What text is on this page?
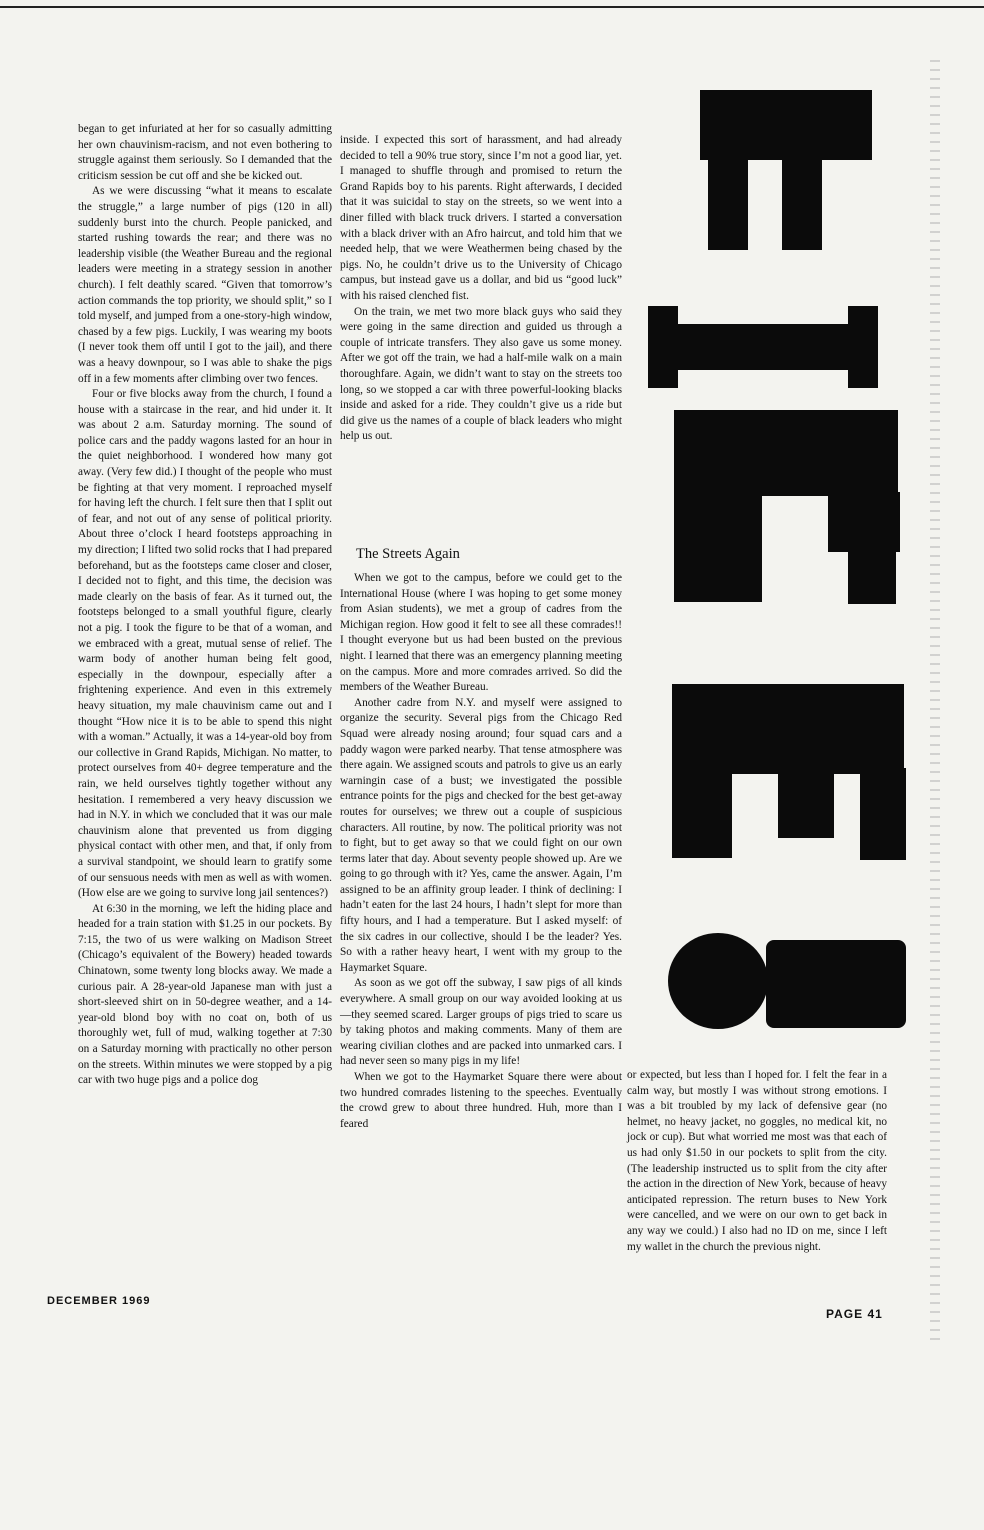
began to get infuriated at her for so casually admitting her own chauvinism-racism, and not even bothering to struggle against them seriously. So I demanded that the criticism session be cut off and she be kicked out.

As we were discussing “what it means to escalate the struggle,” a large number of pigs (120 in all) suddenly burst into the church. People panicked, and started rushing towards the rear; and there was no leadership visible (the Weather Bureau and the regional leaders were meeting in a strategy session in another church). I felt deathly scared. “Given that tomorrow’s action commands the top priority, we should split,” so I told myself, and jumped from a one-story-high window, chased by a few pigs. Luckily, I was wearing my boots (I never took them off until I got to the jail), and there was a heavy downpour, so I was able to shake the pigs off in a few moments after climbing over two fences.

Four or five blocks away from the church, I found a house with a staircase in the rear, and hid under it. It was about 2 a.m. Saturday morning. The sound of police cars and the paddy wagons lasted for an hour in the quiet neighborhood. I wondered how many got away. (Very few did.) I thought of the people who must be fighting at that very moment. I reproached myself for having left the church. I felt sure then that I split out of fear, and not out of any sense of political priority. About three o’clock I heard footsteps approaching in my direction; I lifted two solid rocks that I had prepared beforehand, but as the footsteps came closer and closer, I decided not to fight, and this time, the decision was made clearly on the basis of fear. As it turned out, the footsteps belonged to a small youthful figure, clearly not a pig. I took the figure to be that of a woman, and we embraced with a great, mutual sense of relief. The warm body of another human being felt good, especially in the downpour, especially after a frightening experience. And even in this extremely heavy situation, my male chauvinism came out and I thought “How nice it is to be able to spend this night with a woman.” Actually, it was a 14-year-old boy from our collective in Grand Rapids, Michigan. No matter, to protect ourselves from 40+ degree temperature and the rain, we held ourselves tightly together without any hesitation. I remembered a very heavy discussion we had in N.Y. in which we concluded that it was our male chauvinism alone that prevented us from digging physical contact with other men, and that, if only from a survival standpoint, we should learn to gratify some of our sensuous needs with men as well as with women. (How else are we going to survive long jail sentences?)

At 6:30 in the morning, we left the hiding place and headed for a train station with $1.25 in our pockets. By 7:15, the two of us were walking on Madison Street (Chicago’s equivalent of the Bowery) headed towards Chinatown, some twenty long blocks away. We made a curious pair. A 28-year-old Japanese man with just a short-sleeved shirt on in 50-degree weather, and a 14-year-old blond boy with no coat on, both of us thoroughly wet, full of mud, walking together at 7:30 on a Saturday morning with practically no other person on the streets. Within minutes we were stopped by a pig car with two huge pigs and a police dog

inside. I expected this sort of harassment, and had already decided to tell a 90% true story, since I’m not a good liar, yet. I managed to shuffle through and promised to return the Grand Rapids boy to his parents. Right afterwards, I decided that it was suicidal to stay on the streets, so we went into a diner filled with black truck drivers. I started a conversation with a black driver with an Afro haircut, and told him that we needed help, that we were Weathermen being chased by the pigs. No, he couldn’t drive us to the University of Chicago campus, but instead gave us a dollar, and bid us “good luck” with his raised clenched fist.

On the train, we met two more black guys who said they were going in the same direction and guided us through a couple of intricate transfers. They also gave us some money. After we got off the train, we had a half-mile walk on a main thoroughfare. Again, we didn’t want to stay on the streets too long, so we stopped a car with three powerful-looking blacks inside and asked for a ride. They couldn’t give us a ride but did give us the names of a couple of black leaders who might help us out.

The Streets Again

When we got to the campus, before we could get to the International House (where I was hoping to get some money from Asian students), we met a group of cadres from the Michigan region. How good it felt to see all these comrades!! I thought everyone but us had been busted on the previous night. I learned that there was an emergency planning meeting on the campus. More and more comrades arrived. So did the members of the Weather Bureau.

Another cadre from N.Y. and myself were assigned to organize the security. Several pigs from the Chicago Red Squad were already nosing around; four squad cars and a paddy wagon were parked nearby. That tense atmosphere was there again. We assigned scouts and patrols to give us an early warningin case of a bust; we investigated the possible entrance points for the pigs and checked for the best get-away routes for ourselves; we threw out a couple of suspicious characters. All routine, by now. The political priority was not to fight, but to get away so that we could fight on our own terms later that day. About seventy people showed up. Are we going to go through with it? Yes, came the answer. Again, I’m assigned to be an affinity group leader. I think of declining: I hadn’t eaten for the last 24 hours, I hadn’t slept for more than fifty hours, and I had a temperature. But I asked myself: of the six cadres in our collective, should I be the leader? Yes. So with a rather heavy heart, I went with my group to the Haymarket Square.

As soon as we got off the subway, I saw pigs of all kinds everywhere. A small group on our way avoided looking at us—they seemed scared. Larger groups of pigs tried to scare us by taking photos and making comments. Many of them are wearing civilian clothes and are packed into unmarked cars. I had never seen so many pigs in my life!

When we got to the Haymarket Square there were about two hundred comrades listening to the speeches. Eventually the crowd grew to about three hundred. Huh, more than I feared

or expected, but less than I hoped for. I felt the fear in a calm way, but mostly I was without strong emotions. I was a bit troubled by my lack of defensive gear (no helmet, no heavy jacket, no goggles, no medical kit, no jock or cup). But what worried me most was that each of us had only $1.50 in our pockets to split from the city. (The leadership instructed us to split from the city after the action in the direction of New York, because of heavy anticipated repression. The return buses to New York were cancelled, and we were on our own to get back in any way we could.) I also had no ID on me, since I left my wallet in the church the previous night.

DECEMBER 1969
PAGE 41
